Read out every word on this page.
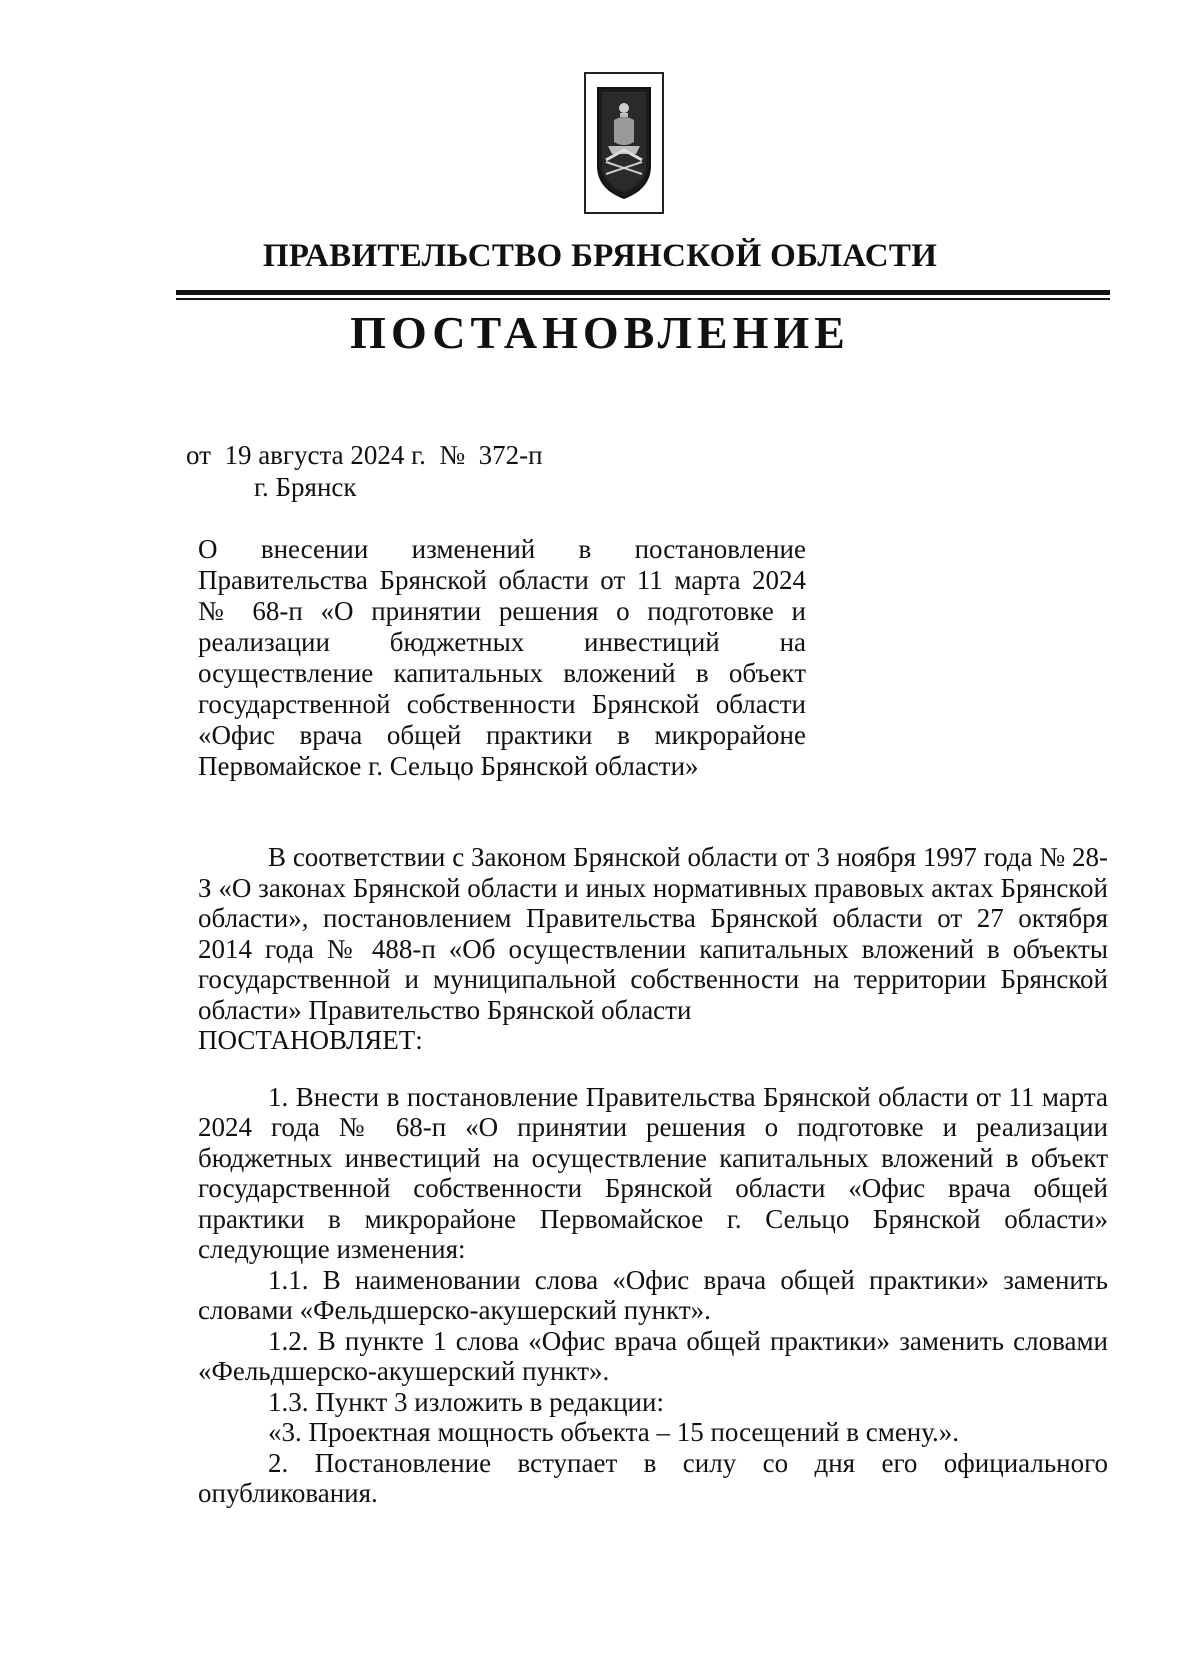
ПРАВИТЕЛЬСТВО БРЯНСКОЙ ОБЛАСТИ
ПОСТАНОВЛЕНИЕ
от  19 августа 2024 г.  №  372-п
г. Брянск
О внесении изменений в постановление Правительства Брянской области от 11 марта 2024 № 68-п «О принятии решения о подготовке и реализации бюджетных инвестиций на осуществление капитальных вложений в объект государственной собственности Брянской области «Офис врача общей практики в микрорайоне Первомайское г. Сельцо Брянской области»

В соответствии с Законом Брянской области от 3 ноября 1997 года № 28-З «О законах Брянской области и иных нормативных правовых актах Брянской области», постановлением Правительства Брянской области от 27 октября 2014 года № 488-п «Об осуществлении капитальных вложений в объекты государственной и муниципальной собственности на территории Брянской области» Правительство Брянской области

ПОСТАНОВЛЯЕТ:

1. Внести в постановление Правительства Брянской области от 11 марта 2024 года № 68-п «О принятии решения о подготовке и реализации бюджетных инвестиций на осуществление капитальных вложений в объект государственной собственности Брянской области «Офис врача общей практики в микрорайоне Первомайское г. Сельцо Брянской области» следующие изменения:

1.1. В наименовании слова «Офис врача общей практики» заменить словами «Фельдшерско-акушерский пункт».

1.2. В пункте 1 слова «Офис врача общей практики» заменить словами «Фельдшерско-акушерский пункт».

1.3. Пункт 3 изложить в редакции:

«3. Проектная мощность объекта – 15 посещений в смену.».

2. Постановление вступает в силу со дня его официального опубликования.
